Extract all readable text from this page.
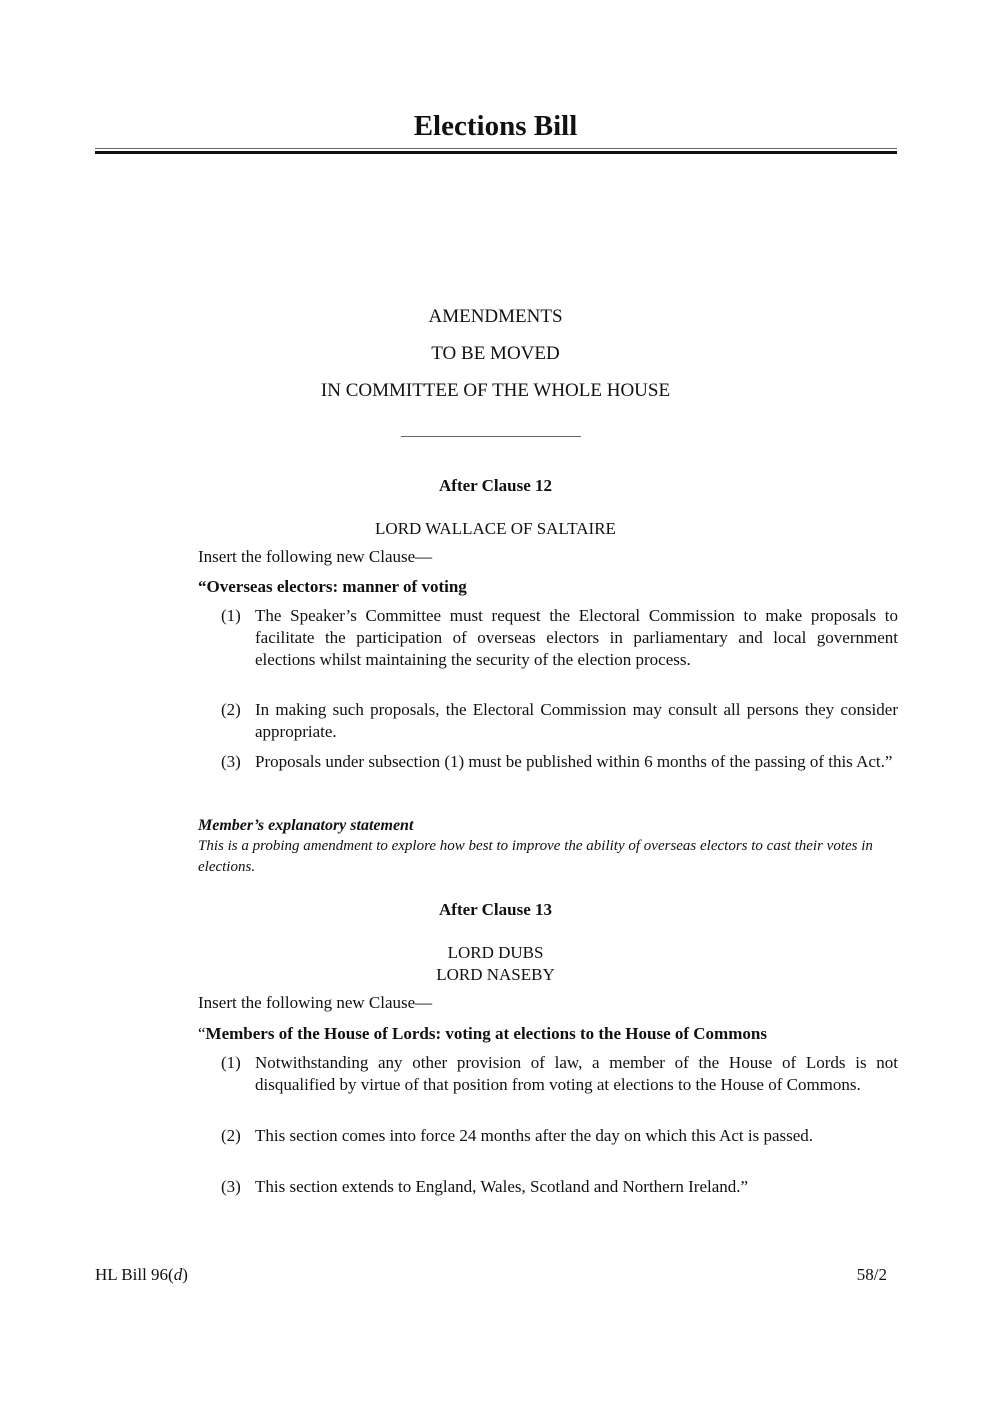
Elections Bill
AMENDMENTS
TO BE MOVED
IN COMMITTEE OF THE WHOLE HOUSE
After Clause 12
LORD WALLACE OF SALTAIRE
Insert the following new Clause—
“Overseas electors: manner of voting
(1) The Speaker’s Committee must request the Electoral Commission to make proposals to facilitate the participation of overseas electors in parliamentary and local government elections whilst maintaining the security of the election process.
(2) In making such proposals, the Electoral Commission may consult all persons they consider appropriate.
(3) Proposals under subsection (1) must be published within 6 months of the passing of this Act.”
Member’s explanatory statement
This is a probing amendment to explore how best to improve the ability of overseas electors to cast their votes in elections.
After Clause 13
LORD DUBS
LORD NASEBY
Insert the following new Clause—
“Members of the House of Lords: voting at elections to the House of Commons
(1) Notwithstanding any other provision of law, a member of the House of Lords is not disqualified by virtue of that position from voting at elections to the House of Commons.
(2) This section comes into force 24 months after the day on which this Act is passed.
(3) This section extends to England, Wales, Scotland and Northern Ireland.”
HL Bill 96(d)	58/2
